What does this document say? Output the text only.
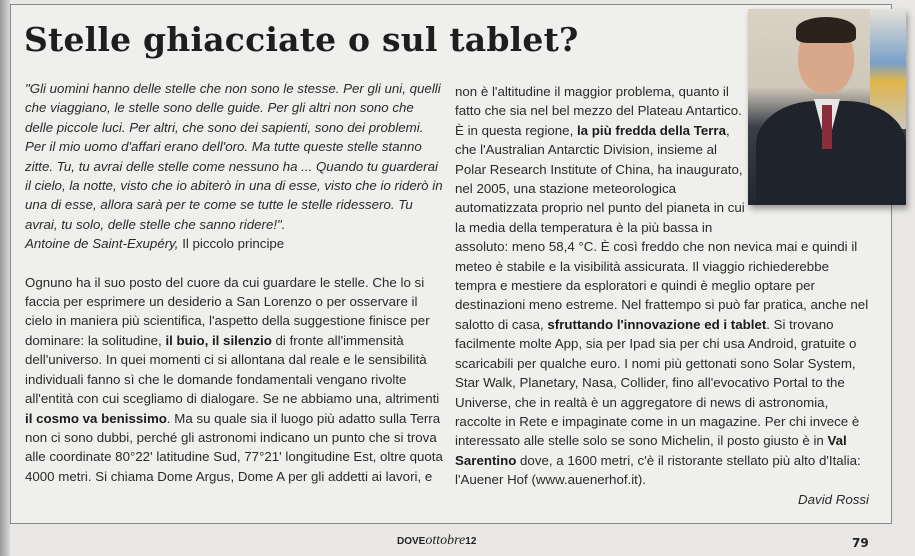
Stelle ghiacciate o sul tablet?

"Gli uomini hanno delle stelle che non sono le stesse. Per gli uni, quelli che viaggiano, le stelle sono delle guide. Per gli altri non sono che delle piccole luci. Per altri, che sono dei sapienti, sono dei problemi. Per il mio uomo d'affari erano dell'oro. Ma tutte queste stelle stanno zitte. Tu, tu avrai delle stelle come nessuno ha ... Quando tu guarderai il cielo, la notte, visto che io abiterò in una di esse, visto che io riderò in una di esse, allora sarà per te come se tutte le stelle ridessero. Tu avrai, tu solo, delle stelle che sanno ridere!".

Antoine de Saint-Exupéry, Il piccolo principe

Ognuno ha il suo posto del cuore da cui guardare le stelle. Che lo si faccia per esprimere un desiderio a San Lorenzo o per osservare il cielo in maniera più scientifica, l'aspetto della suggestione finisce per dominare: la solitudine, il buio, il silenzio di fronte all'immensità dell'universo. In quei momenti ci si allontana dal reale e le sensibilità individuali fanno sì che le domande fondamentali vengano rivolte all'entità con cui scegliamo di dialogare. Se ne abbiamo una, altrimenti il cosmo va benissimo. Ma su quale sia il luogo più adatto sulla Terra non ci sono dubbi, perché gli astronomi indicano un punto che si trova alle coordinate 80°22' latitudine Sud, 77°21' longitudine Est, oltre quota 4000 metri. Si chiama Dome Argus, Dome A per gli addetti ai lavori, e

non è l'altitudine il maggior problema, quanto il fatto che sia nel bel mezzo del Plateau Antartico. È in questa regione, la più fredda della Terra, che l'Australian Antarctic Division, insieme al Polar Research Institute of China, ha inaugurato, nel 2005, una stazione meteorologica automatizzata proprio nel punto del pianeta in cui la media della temperatura è la più bassa in assoluto: meno 58,4 °C. È così freddo che non nevica mai e quindi il meteo è stabile e la visibilità assicurata. Il viaggio richiederebbe tempra e mestiere da esploratori e quindi è meglio optare per destinazioni meno estreme. Nel frattempo si può far pratica, anche nel salotto di casa, sfruttando l'innovazione ed i tablet. Si trovano facilmente molte App, sia per Ipad sia per chi usa Android, gratuite o scaricabili per qualche euro. I nomi più gettonati sono Solar System, Star Walk, Planetary, Nasa, Collider, fino all'evocativo Portal to the Universe, che in realtà è un aggregatore di news di astronomia, raccolte in Rete e impaginate come in un magazine. Per chi invece è interessato alle stelle solo se sono Michelin, il posto giusto è in Val Sarentino dove, a 1600 metri, c'è il ristorante stellato più alto d'Italia: l'Auener Hof (www.auenerhof.it).

David Rossi

DOVEottobre12	79
